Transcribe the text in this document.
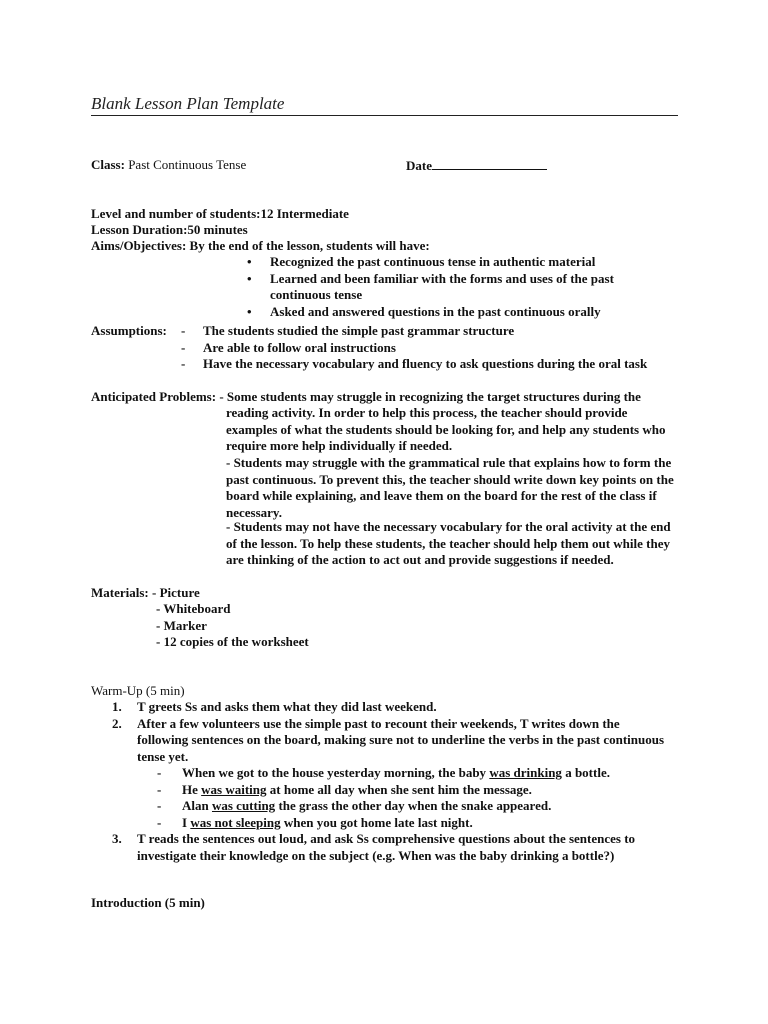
Blank Lesson Plan Template
Class: Past Continuous Tense	Date
Level and number of students:12 Intermediate
Lesson Duration:50 minutes
Aims/Objectives: By the end of the lesson, students will have:
• Recognized the past continuous tense in authentic material
• Learned and been familiar with the forms and uses of the past continuous tense
• Asked and answered questions in the past continuous orally
Assumptions: - The students studied the simple past grammar structure
- Are able to follow oral instructions
- Have the necessary vocabulary and fluency to ask questions during the oral task
Anticipated Problems: - Some students may struggle in recognizing the target structures during the
reading activity. In order to help this process, the teacher should provide examples of what the students should be looking for, and help any students who require more help individually if needed.
- Students may struggle with the grammatical rule that explains how to form the past continuous. To prevent this, the teacher should write down key points on the board while explaining, and leave them on the board for the rest of the class if necessary.
- Students may not have the necessary vocabulary for the oral activity at the end of the lesson. To help these students, the teacher should help them out while they are thinking of the action to act out and provide suggestions if needed.
Materials: - Picture
- Whiteboard
- Marker
- 12 copies of the worksheet
Warm-Up (5 min)
1. T greets Ss and asks them what they did last weekend.
2. After a few volunteers use the simple past to recount their weekends, T writes down the following sentences on the board, making sure not to underline the verbs in the past continuous tense yet.
- When we got to the house yesterday morning, the baby was drinking a bottle.
- He was waiting at home all day when she sent him the message.
- Alan was cutting the grass the other day when the snake appeared.
- I was not sleeping when you got home late last night.
3. T reads the sentences out loud, and ask Ss comprehensive questions about the sentences to investigate their knowledge on the subject (e.g. When was the baby drinking a bottle?)
Introduction (5 min)
